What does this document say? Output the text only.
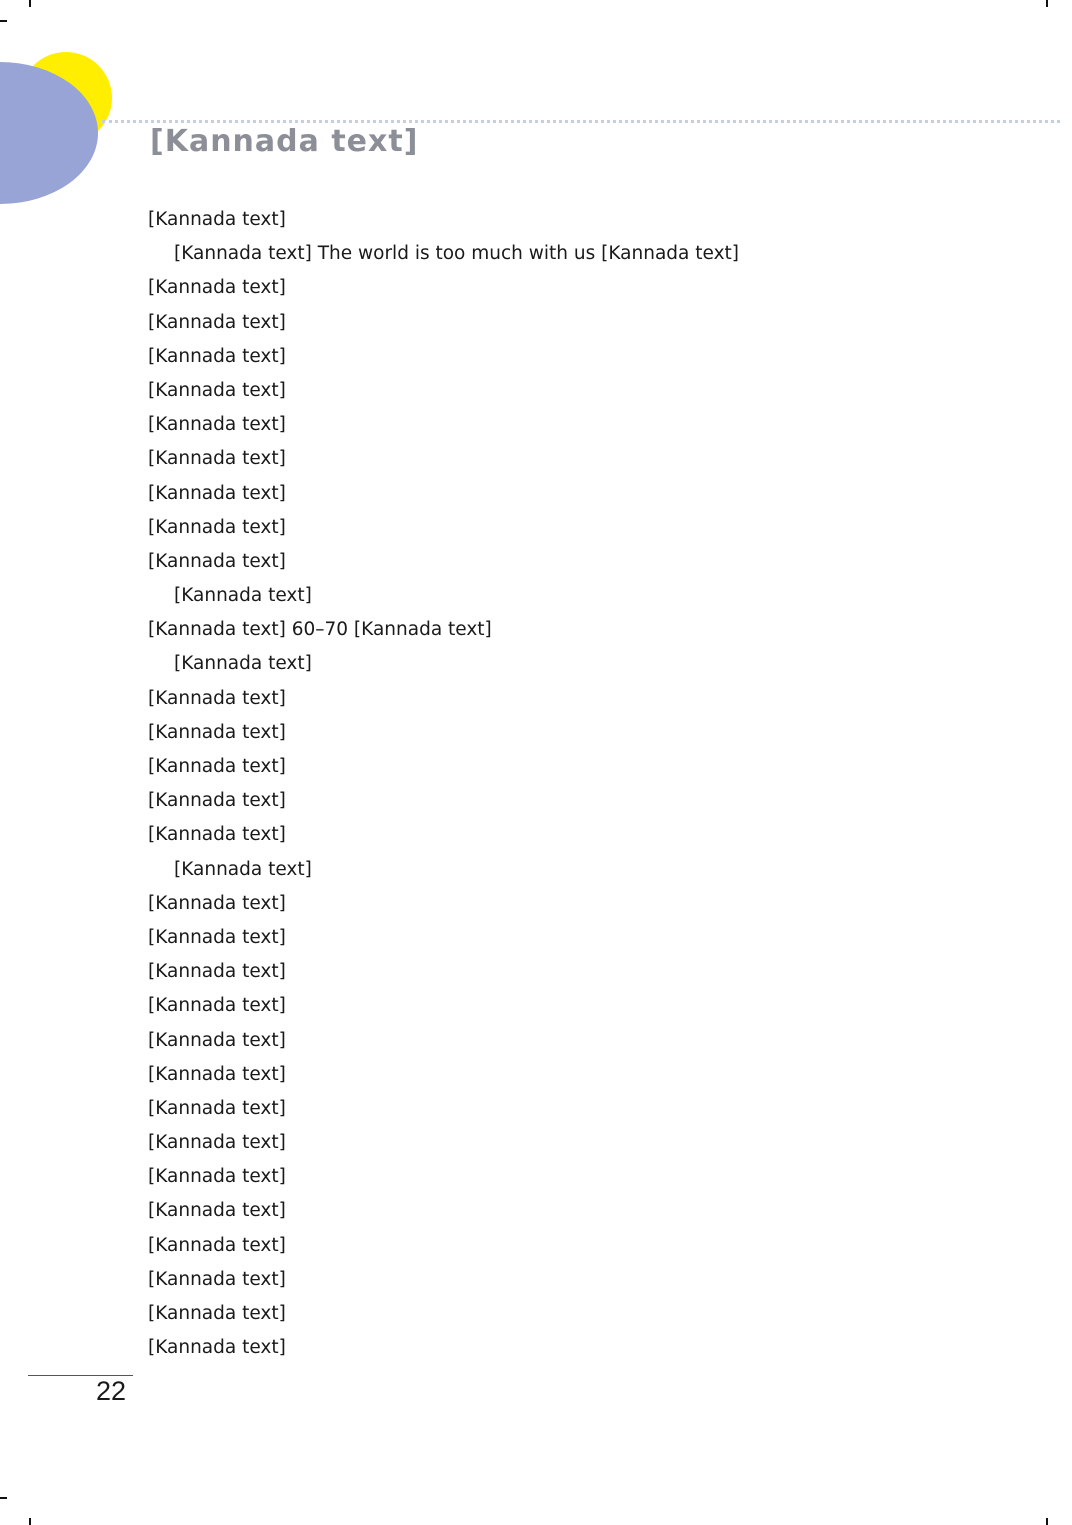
[Kannada text]
[Kannada text]
[Kannada text] The world is too much with us [Kannada text]
[Kannada text]
[Kannada text]
[Kannada text]
[Kannada text]
[Kannada text]
[Kannada text]
[Kannada text]
[Kannada text]
[Kannada text]
[Kannada text]
[Kannada text] 60–70 [Kannada text]
[Kannada text]
[Kannada text]
[Kannada text]
[Kannada text]
[Kannada text]
[Kannada text]
[Kannada text]
[Kannada text]
[Kannada text]
[Kannada text]
[Kannada text]
[Kannada text]
[Kannada text]
[Kannada text]
[Kannada text]
[Kannada text]
[Kannada text]
[Kannada text]
[Kannada text]
[Kannada text]
[Kannada text]
22
